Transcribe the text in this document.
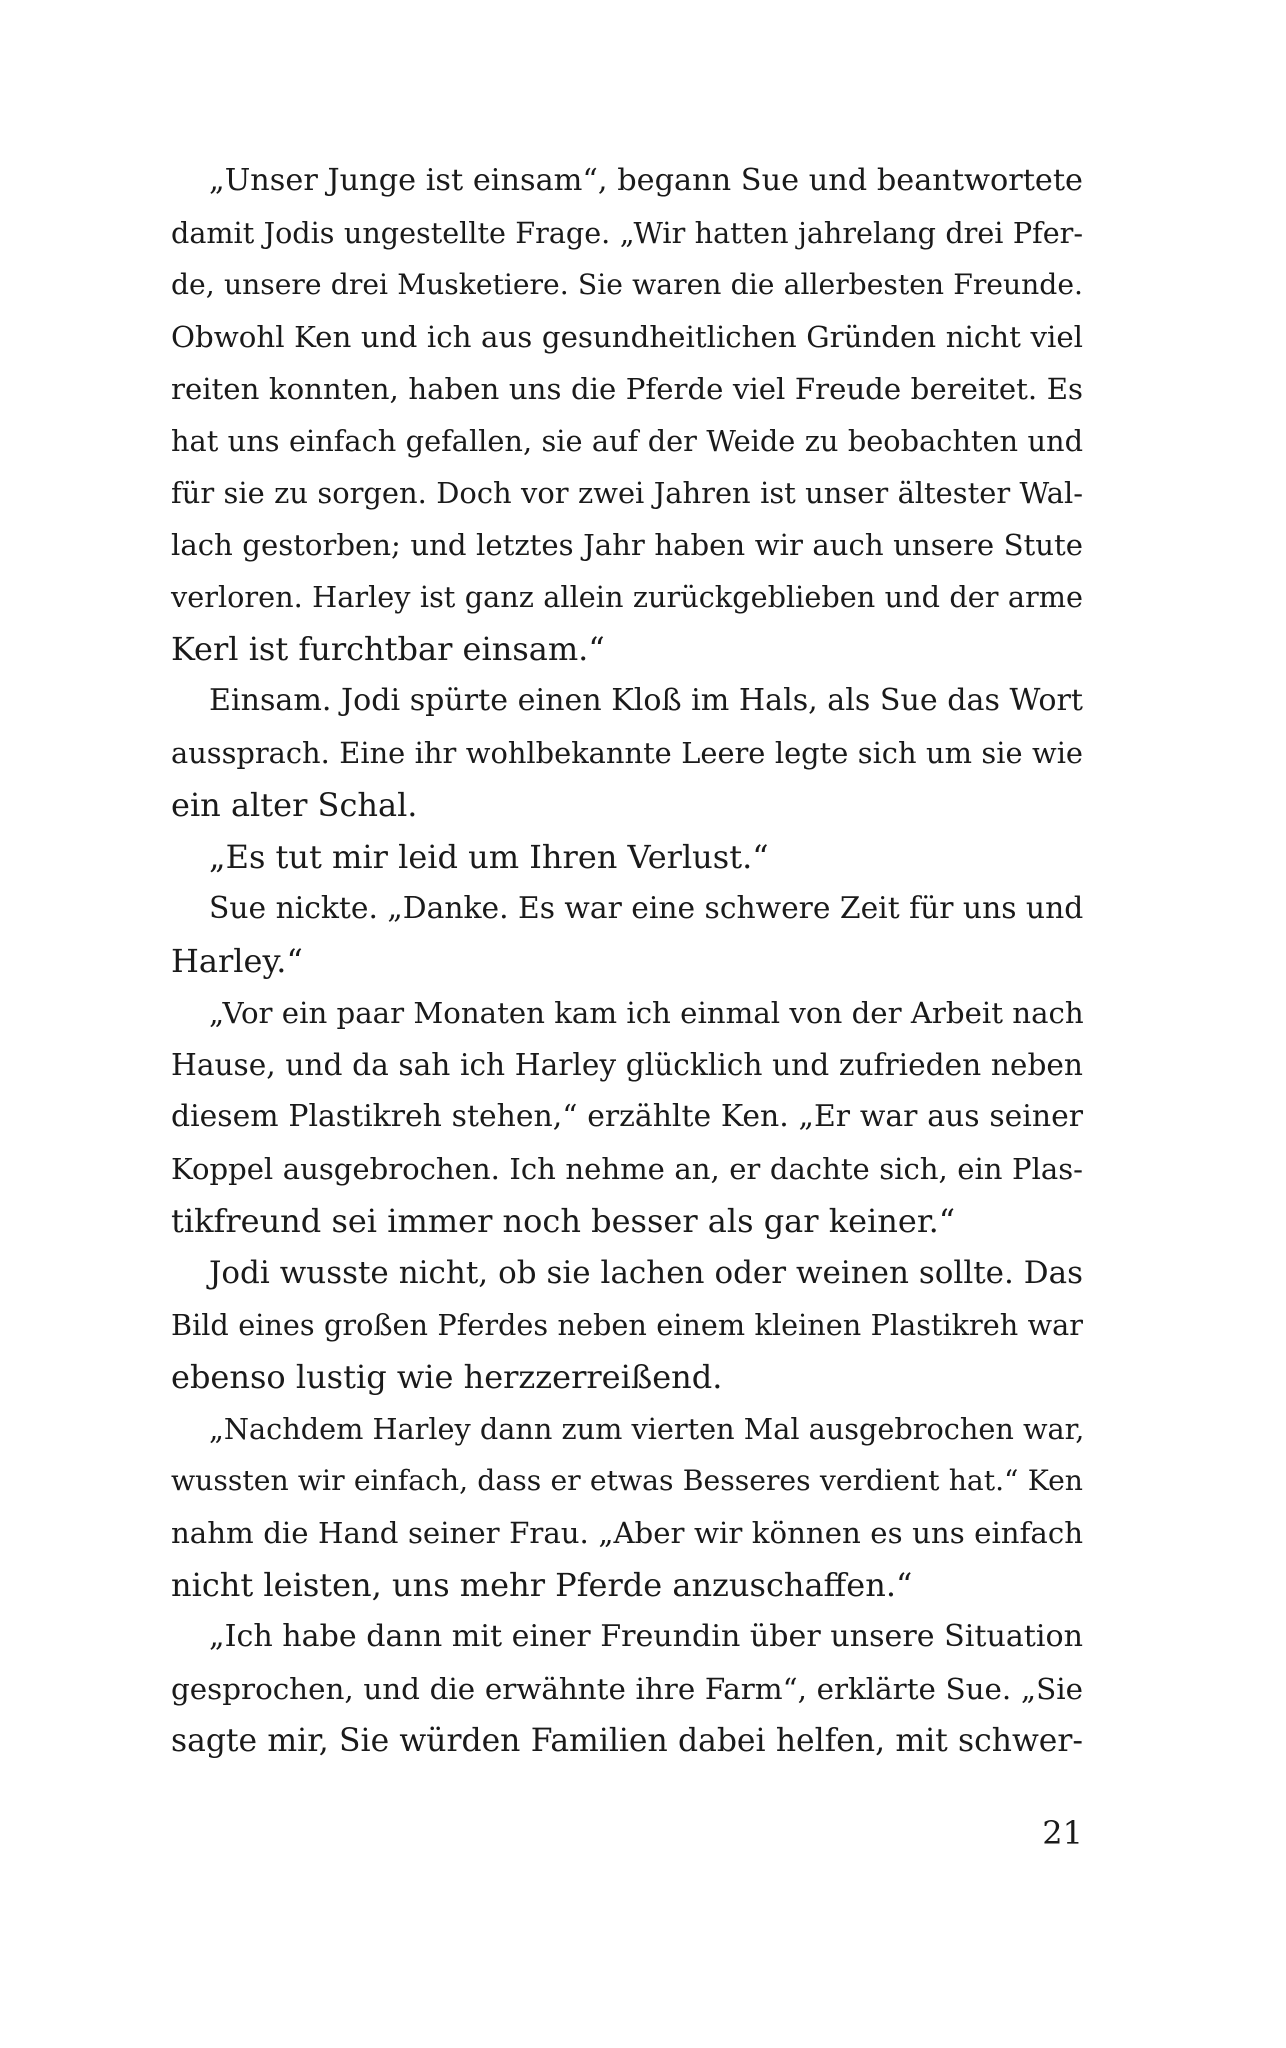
„Unser Junge ist einsam“, begann Sue und beantwortete
damit Jodis ungestellte Frage. „Wir hatten jahrelang drei Pfer-
de, unsere drei Musketiere. Sie waren die allerbesten Freunde.
Obwohl Ken und ich aus gesundheitlichen Gründen nicht viel
reiten konnten, haben uns die Pferde viel Freude bereitet. Es
hat uns einfach gefallen, sie auf der Weide zu beobachten und
für sie zu sorgen. Doch vor zwei Jahren ist unser ältester Wal-
lach gestorben; und letztes Jahr haben wir auch unsere Stute
verloren. Harley ist ganz allein zurückgeblieben und der arme
Kerl ist furchtbar einsam.“

Einsam. Jodi spürte einen Kloß im Hals, als Sue das Wort
aussprach. Eine ihr wohlbekannte Leere legte sich um sie wie
ein alter Schal.

„Es tut mir leid um Ihren Verlust.“

Sue nickte. „Danke. Es war eine schwere Zeit für uns und
Harley.“

„Vor ein paar Monaten kam ich einmal von der Arbeit nach
Hause, und da sah ich Harley glücklich und zufrieden neben
diesem Plastikreh stehen,“ erzählte Ken. „Er war aus seiner
Koppel ausgebrochen. Ich nehme an, er dachte sich, ein Plas-
tikfreund sei immer noch besser als gar keiner.“

Jodi wusste nicht, ob sie lachen oder weinen sollte. Das
Bild eines großen Pferdes neben einem kleinen Plastikreh war
ebenso lustig wie herzzerreißend.

„Nachdem Harley dann zum vierten Mal ausgebrochen war,
wussten wir einfach, dass er etwas Besseres verdient hat.“ Ken
nahm die Hand seiner Frau. „Aber wir können es uns einfach
nicht leisten, uns mehr Pferde anzuschaffen.“

„Ich habe dann mit einer Freundin über unsere Situation
gesprochen, und die erwähnte ihre Farm“, erklärte Sue. „Sie
sagte mir, Sie würden Familien dabei helfen, mit schwer-

21
